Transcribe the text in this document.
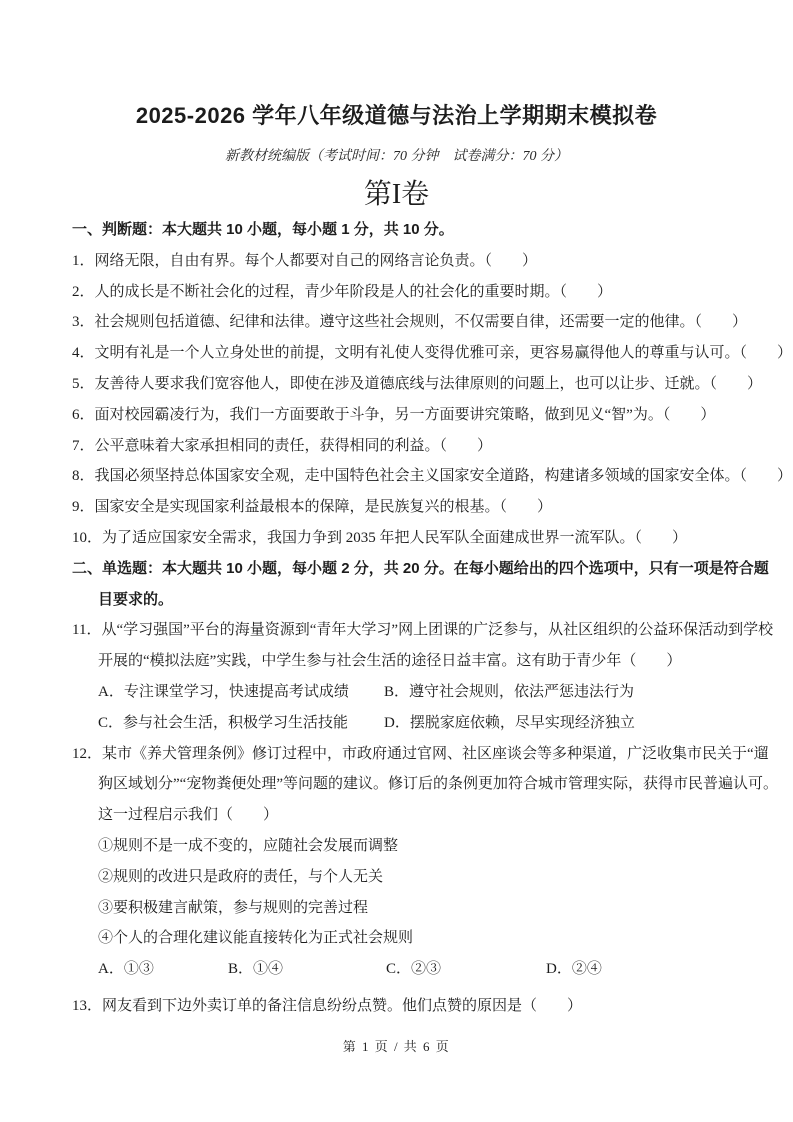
2025-2026 学年八年级道德与法治上学期期末模拟卷
新教材统编版（考试时间：70 分钟　试卷满分：70 分）
第I卷
一、判断题：本大题共 10 小题，每小题 1 分，共 10 分。
1．网络无限，自由有界。每个人都要对自己的网络言论负责。（　　）
2．人的成长是不断社会化的过程，青少年阶段是人的社会化的重要时期。（　　）
3．社会规则包括道德、纪律和法律。遵守这些社会规则，不仅需要自律，还需要一定的他律。（　　）
4．文明有礼是一个人立身处世的前提，文明有礼使人变得优雅可亲，更容易赢得他人的尊重与认可。（　　）
5．友善待人要求我们宽容他人，即使在涉及道德底线与法律原则的问题上，也可以让步、迁就。（　　）
6．面对校园霸凌行为，我们一方面要敢于斗争，另一方面要讲究策略，做到见义“智”为。（　　）
7．公平意味着大家承担相同的责任，获得相同的利益。（　　）
8．我国必须坚持总体国家安全观，走中国特色社会主义国家安全道路，构建诸多领域的国家安全体。（　　）
9．国家安全是实现国家利益最根本的保障，是民族复兴的根基。（　　）
10．为了适应国家安全需求，我国力争到 2035 年把人民军队全面建成世界一流军队。（　　）
二、单选题：本大题共 10 小题，每小题 2 分，共 20 分。在每小题给出的四个选项中，只有一项是符合题
目要求的。
11．从“学习强国”平台的海量资源到“青年大学习”网上团课的广泛参与，从社区组织的公益环保活动到学校
开展的“模拟法庭”实践，中学生参与社会生活的途径日益丰富。这有助于青少年（　　）
A．专注课堂学习，快速提高考试成绩 B．遵守社会规则，依法严惩违法行为
C．参与社会生活，积极学习生活技能 D．摆脱家庭依赖，尽早实现经济独立
12．某市《养犬管理条例》修订过程中，市政府通过官网、社区座谈会等多种渠道，广泛收集市民关于“遛
狗区域划分”“宠物粪便处理”等问题的建议。修订后的条例更加符合城市管理实际，获得市民普遍认可。
这一过程启示我们（　　）
①规则不是一成不变的，应随社会发展而调整
②规则的改进只是政府的责任，与个人无关
③要积极建言献策，参与规则的完善过程
④个人的合理化建议能直接转化为正式社会规则
A．①③	B．①④	C．②③	D．②④
13．网友看到下边外卖订单的备注信息纷纷点赞。他们点赞的原因是（　　）
第 1 页 / 共 6 页
